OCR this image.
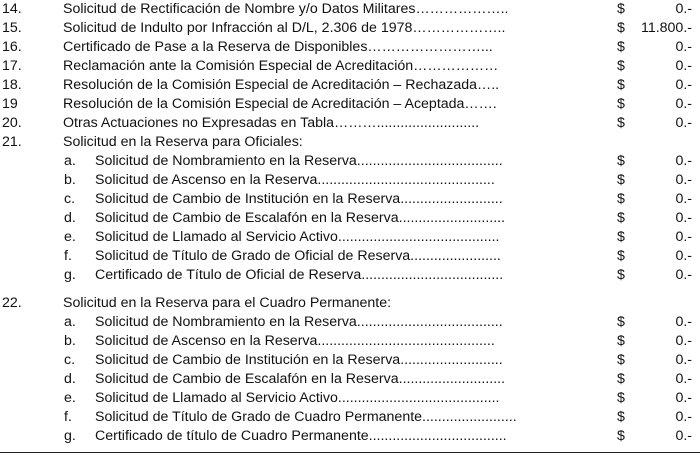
14.	Solicitud de Rectificación de Nombre y/o Datos Militares………………..	$	0.-
15.	Solicitud de Indulto por Infracción al D/L, 2.306 de 1978………………..	$ 11.800.-
16.	Certificado de Pase a la Reserva de Disponibles……………………...	$	0.-
17.	Reclamación ante la Comisión Especial de Acreditación………………	$	0.-
18.	Resolución de la Comisión Especial de Acreditación – Rechazada…..	$	0.-
19	Resolución de la Comisión Especial de Acreditación – Aceptada…….	$	0.-
20.	Otras Actuaciones no Expresadas en Tabla………..........................	$	0.-
21.	Solicitud en la Reserva para Oficiales:
a. Solicitud de Nombramiento en la Reserva.....................................	$	0.-
b. Solicitud de Ascenso en la Reserva.............................................	$	0.-
c. Solicitud de Cambio de Institución en la Reserva..........................	$	0.-
d. Solicitud de Cambio de Escalafón en la Reserva...........................	$	0.-
e. Solicitud de Llamado al Servicio Activo.........................................	$	0.-
f. Solicitud de Título de Grado de Oficial de Reserva.......................	$	0.-
g. Certificado de Título de Oficial de Reserva....................................	$	0.-
22.	Solicitud en la Reserva para el Cuadro Permanente:
a. Solicitud de Nombramiento en la Reserva.....................................	$	0.-
b. Solicitud de Ascenso en la Reserva.............................................	$	0.-
c. Solicitud de Cambio de Institución en la Reserva..........................	$	0.-
d. Solicitud de Cambio de Escalafón en la Reserva...........................	$	0.-
e. Solicitud de Llamado al Servicio Activo.........................................	$	0.-
f. Solicitud de Título de Grado de Cuadro Permanente........................	$	0.-
g. Certificado de título de Cuadro Permanente...................................	$	0.-
